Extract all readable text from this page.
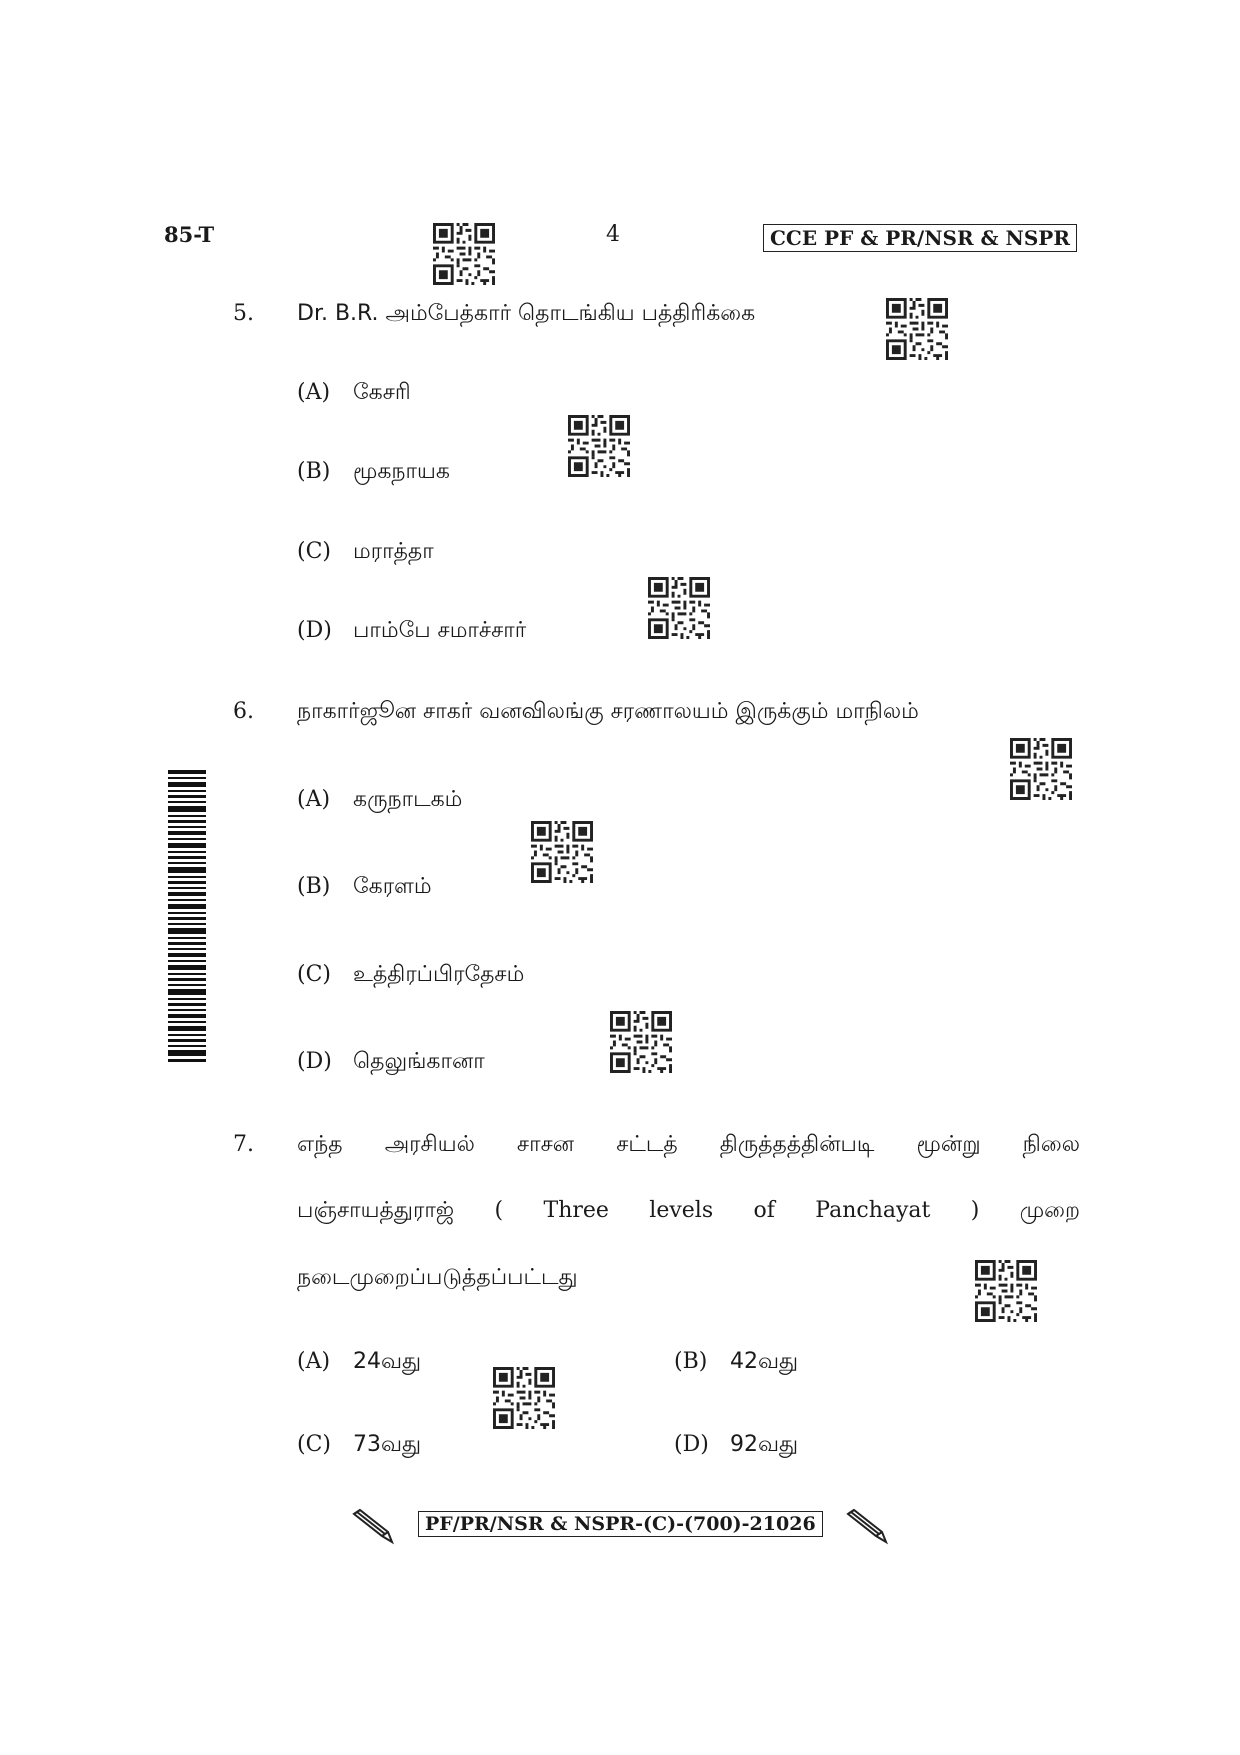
85-T	4	CCE PF & PR/NSR & NSPR
5. Dr. B.R. அம்பேத்கார் தொடங்கிய பத்திரிக்கை
(A) கேசரி
(B) மூகநாயக
(C) மராத்தா
(D) பாம்பே சமாச்சார்
6. நாகார்ஜூன சாகர் வனவிலங்கு சரணாலயம் இருக்கும் மாநிலம்
(A) கருநாடகம்
(B) கேரளம்
(C) உத்திரப்பிரதேசம்
(D) தெலுங்கானா
7. எந்த அரசியல் சாசன சட்டத் திருத்தத்தின்படி மூன்று நிலை
பஞ்சாயத்துராஜ் ( Three levels of Panchayat ) முறை
நடைமுறைப்படுத்தப்பட்டது
(A) 24வது	(B) 42வது
(C) 73வது	(D) 92வது
PF/PR/NSR & NSPR-(C)-(700)-21026
